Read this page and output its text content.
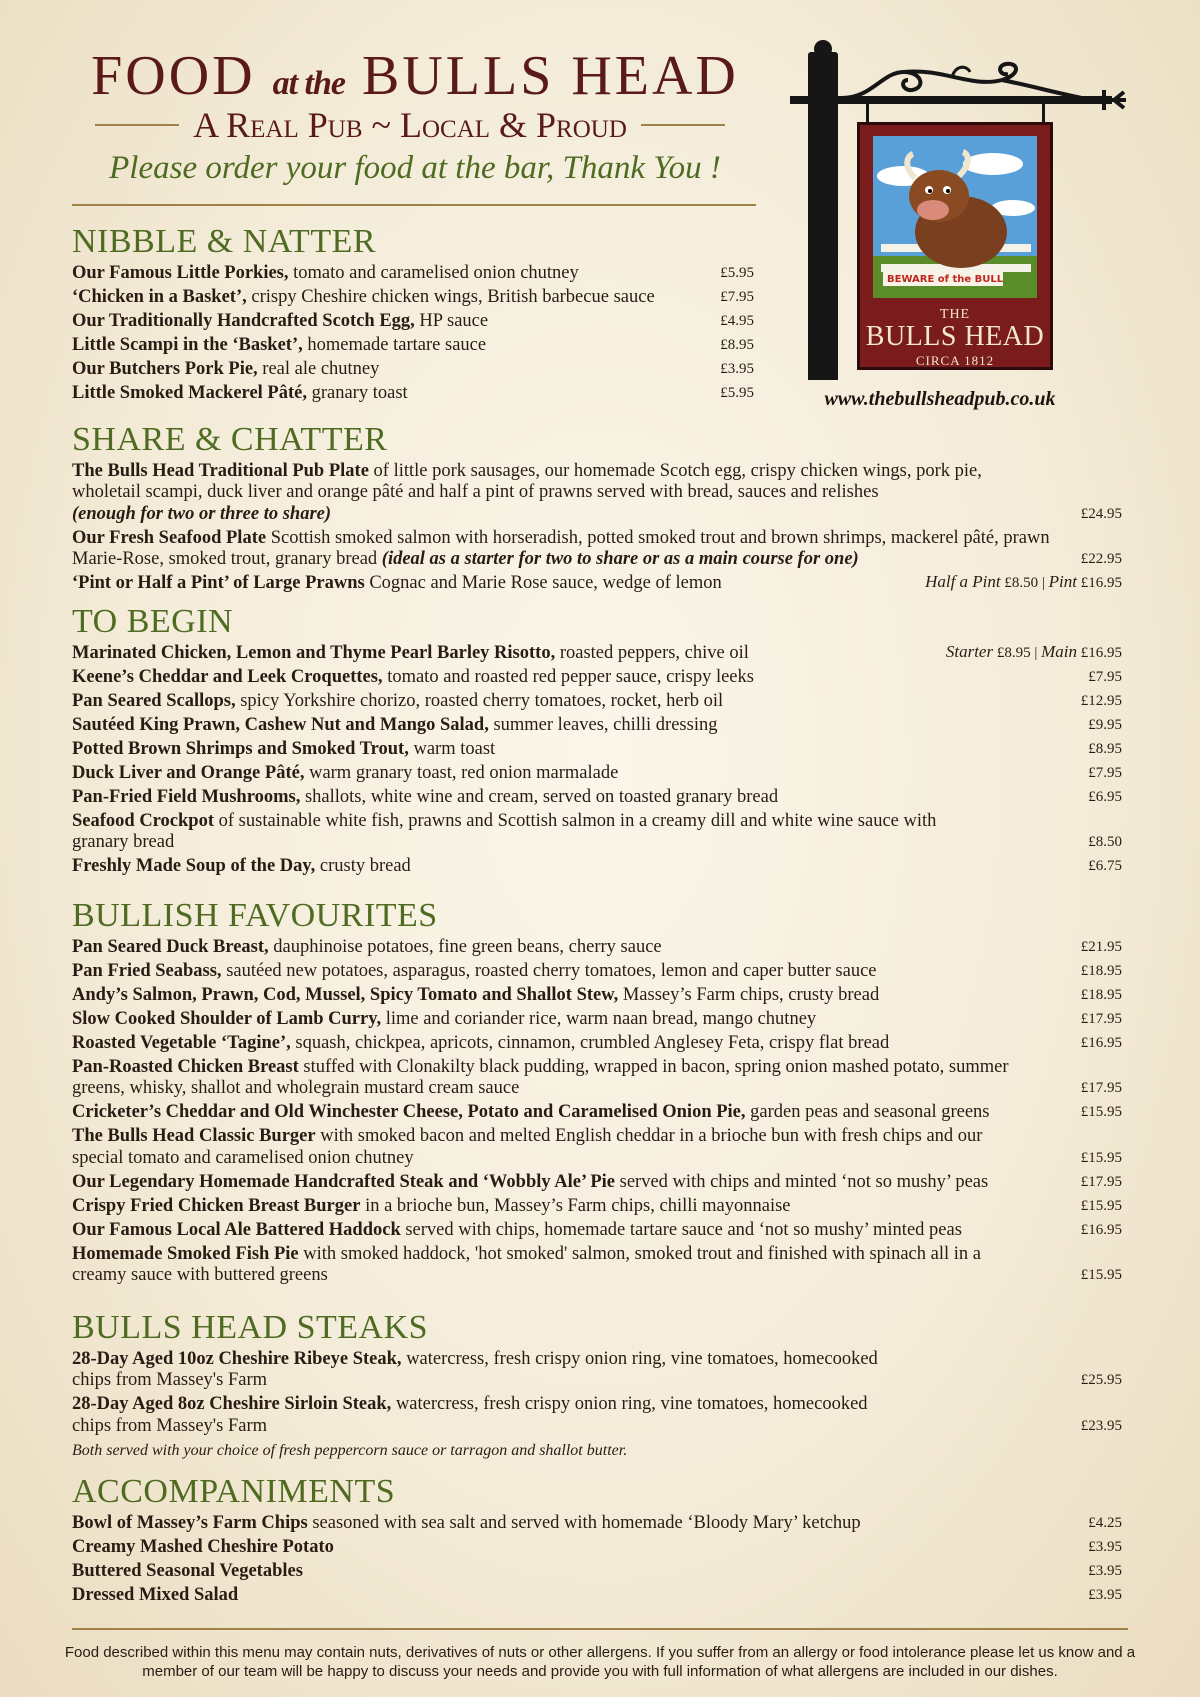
FOOD at the BULLS HEAD
A Real Pub ~ Local & Proud
Please order your food at the bar, Thank You !
BEWARE of the BULL
THE
BULLS HEAD
CIRCA 1812
www.thebullsheadpub.co.uk
NIBBLE & NATTER
Our Famous Little Porkies, tomato and caramelised onion chutney	£5.95
‘Chicken in a Basket’, crispy Cheshire chicken wings, British barbecue sauce	£7.95
Our Traditionally Handcrafted Scotch Egg, HP sauce	£4.95
Little Scampi in the ‘Basket’, homemade tartare sauce	£8.95
Our Butchers Pork Pie, real ale chutney	£3.95
Little Smoked Mackerel Pâté, granary toast	£5.95
SHARE & CHATTER
The Bulls Head Traditional Pub Plate of little pork sausages, our homemade Scotch egg, crispy chicken wings, pork pie, wholetail scampi, duck liver and orange pâté and half a pint of prawns served with bread, sauces and relishes
(enough for two or three to share)	£24.95
Our Fresh Seafood Plate Scottish smoked salmon with horseradish, potted smoked trout and brown shrimps, mackerel pâté, prawn Marie-Rose, smoked trout, granary bread (ideal as a starter for two to share or as a main course for one)	£22.95
‘Pint or Half a Pint’ of Large Prawns Cognac and Marie Rose sauce, wedge of lemon	Half a Pint £8.50 | Pint £16.95
TO BEGIN
Marinated Chicken, Lemon and Thyme Pearl Barley Risotto, roasted peppers, chive oil	Starter £8.95 | Main £16.95
Keene’s Cheddar and Leek Croquettes, tomato and roasted red pepper sauce, crispy leeks	£7.95
Pan Seared Scallops, spicy Yorkshire chorizo, roasted cherry tomatoes, rocket, herb oil	£12.95
Sautéed King Prawn, Cashew Nut and Mango Salad, summer leaves, chilli dressing	£9.95
Potted Brown Shrimps and Smoked Trout, warm toast	£8.95
Duck Liver and Orange Pâté, warm granary toast, red onion marmalade	£7.95
Pan-Fried Field Mushrooms, shallots, white wine and cream, served on toasted granary bread	£6.95
Seafood Crockpot of sustainable white fish, prawns and Scottish salmon in a creamy dill and white wine sauce with granary bread	£8.50
Freshly Made Soup of the Day, crusty bread	£6.75
BULLISH FAVOURITES
Pan Seared Duck Breast, dauphinoise potatoes, fine green beans, cherry sauce	£21.95
Pan Fried Seabass, sautéed new potatoes, asparagus, roasted cherry tomatoes, lemon and caper butter sauce	£18.95
Andy’s Salmon, Prawn, Cod, Mussel, Spicy Tomato and Shallot Stew, Massey’s Farm chips, crusty bread	£18.95
Slow Cooked Shoulder of Lamb Curry, lime and coriander rice, warm naan bread, mango chutney	£17.95
Roasted Vegetable ‘Tagine’, squash, chickpea, apricots, cinnamon, crumbled Anglesey Feta, crispy flat bread	£16.95
Pan-Roasted Chicken Breast stuffed with Clonakilty black pudding, wrapped in bacon, spring onion mashed potato, summer greens, whisky, shallot and wholegrain mustard cream sauce	£17.95
Cricketer’s Cheddar and Old Winchester Cheese, Potato and Caramelised Onion Pie, garden peas and seasonal greens	£15.95
The Bulls Head Classic Burger with smoked bacon and melted English cheddar in a brioche bun with fresh chips and our special tomato and caramelised onion chutney	£15.95
Our Legendary Homemade Handcrafted Steak and ‘Wobbly Ale’ Pie served with chips and minted ‘not so mushy’ peas	£17.95
Crispy Fried Chicken Breast Burger in a brioche bun, Massey’s Farm chips, chilli mayonnaise	£15.95
Our Famous Local Ale Battered Haddock served with chips, homemade tartare sauce and ‘not so mushy’ minted peas	£16.95
Homemade Smoked Fish Pie with smoked haddock, 'hot smoked' salmon, smoked trout and finished with spinach all in a creamy sauce with buttered greens	£15.95
BULLS HEAD STEAKS
28-Day Aged 10oz Cheshire Ribeye Steak, watercress, fresh crispy onion ring, vine tomatoes, homecooked chips from Massey's Farm	£25.95
28-Day Aged 8oz Cheshire Sirloin Steak, watercress, fresh crispy onion ring, vine tomatoes, homecooked chips from Massey's Farm	£23.95
Both served with your choice of fresh peppercorn sauce or tarragon and shallot butter.
ACCOMPANIMENTS
Bowl of Massey’s Farm Chips seasoned with sea salt and served with homemade ‘Bloody Mary’ ketchup	£4.25
Creamy Mashed Cheshire Potato	£3.95
Buttered Seasonal Vegetables	£3.95
Dressed Mixed Salad	£3.95
Food described within this menu may contain nuts, derivatives of nuts or other allergens. If you suffer from an allergy or food intolerance please let us know and a member of our team will be happy to discuss your needs and provide you with full information of what allergens are included in our dishes.
